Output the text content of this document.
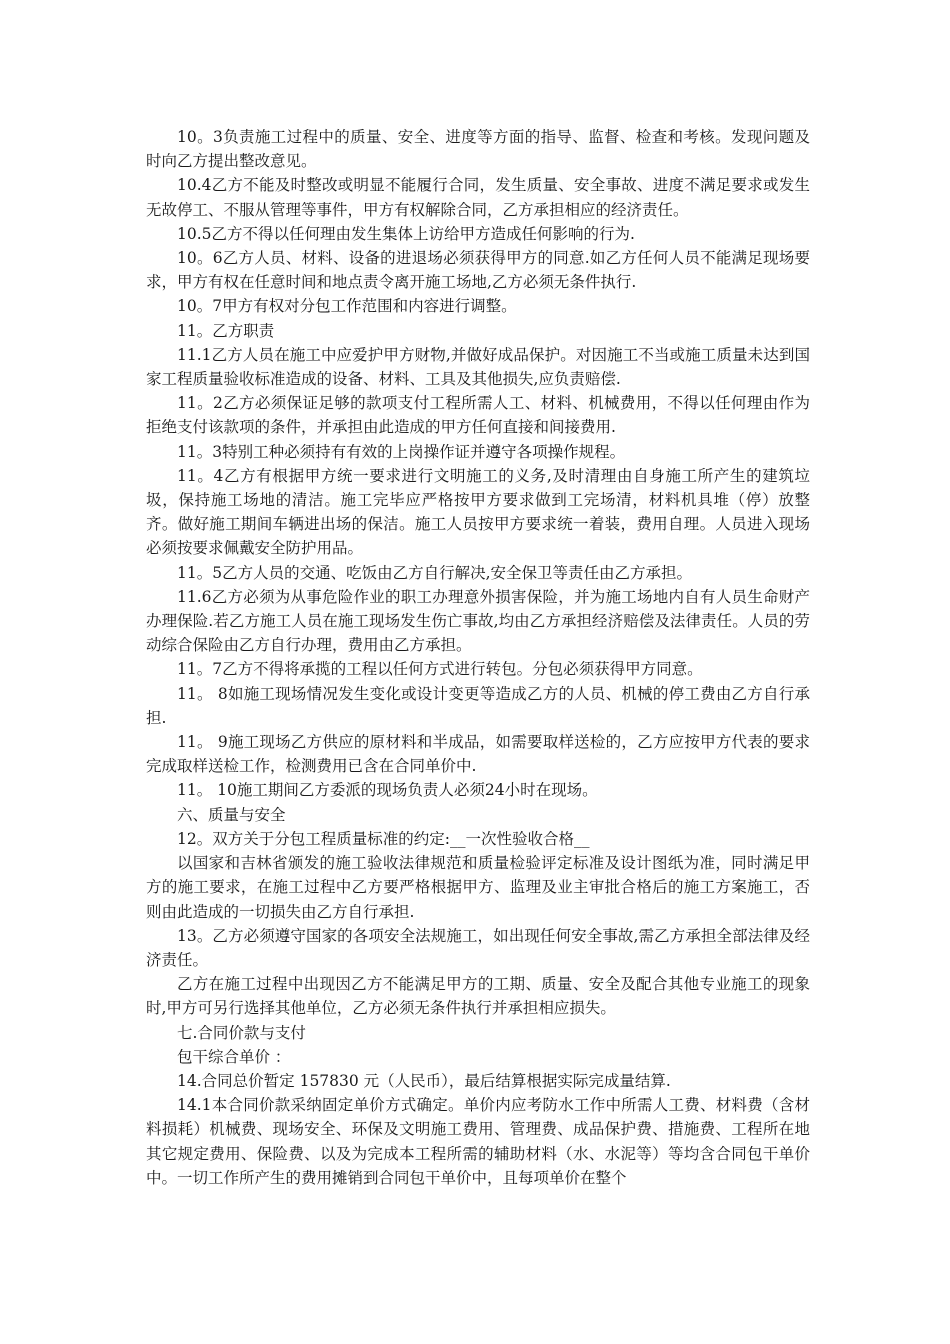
10。3负责施工过程中的质量、安全、进度等方面的指导、监督、检查和考核。发现问题及时向乙方提出整改意见。

10.4乙方不能及时整改或明显不能履行合同，发生质量、安全事故、进度不满足要求或发生无故停工、不服从管理等事件，甲方有权解除合同，乙方承担相应的经济责任。

10.5乙方不得以任何理由发生集体上访给甲方造成任何影响的行为.

10。6乙方人员、材料、设备的进退场必须获得甲方的同意.如乙方任何人员不能满足现场要求，甲方有权在任意时间和地点责令离开施工场地,乙方必须无条件执行.

10。7甲方有权对分包工作范围和内容进行调整。

11。乙方职责

11.1乙方人员在施工中应爱护甲方财物,并做好成品保护。对因施工不当或施工质量未达到国家工程质量验收标准造成的设备、材料、工具及其他损失,应负责赔偿.

11。2乙方必须保证足够的款项支付工程所需人工、材料、机械费用，不得以任何理由作为拒绝支付该款项的条件，并承担由此造成的甲方任何直接和间接费用.

11。3特别工种必须持有有效的上岗操作证并遵守各项操作规程。

11。4乙方有根据甲方统一要求进行文明施工的义务,及时清理由自身施工所产生的建筑垃圾，保持施工场地的清洁。施工完毕应严格按甲方要求做到工完场清，材料机具堆（停）放整齐。做好施工期间车辆进出场的保洁。施工人员按甲方要求统一着装，费用自理。人员进入现场必须按要求佩戴安全防护用品。

11。5乙方人员的交通、吃饭由乙方自行解决,安全保卫等责任由乙方承担。

11.6乙方必须为从事危险作业的职工办理意外损害保险，并为施工场地内自有人员生命财产办理保险.若乙方施工人员在施工现场发生伤亡事故,均由乙方承担经济赔偿及法律责任。人员的劳动综合保险由乙方自行办理，费用由乙方承担。

11。7乙方不得将承揽的工程以任何方式进行转包。分包必须获得甲方同意。

11。 8如施工现场情况发生变化或设计变更等造成乙方的人员、机械的停工费由乙方自行承担.

11。 9施工现场乙方供应的原材料和半成品，如需要取样送检的，乙方应按甲方代表的要求完成取样送检工作，检测费用已含在合同单价中.

11。 10施工期间乙方委派的现场负责人必须24小时在现场。

六、质量与安全

12。双方关于分包工程质量标准的约定:__一次性验收合格__

以国家和吉林省颁发的施工验收法律规范和质量检验评定标准及设计图纸为准，同时满足甲方的施工要求，在施工过程中乙方要严格根据甲方、监理及业主审批合格后的施工方案施工，否则由此造成的一切损失由乙方自行承担.

13。乙方必须遵守国家的各项安全法规施工，如出现任何安全事故,需乙方承担全部法律及经济责任。

乙方在施工过程中出现因乙方不能满足甲方的工期、质量、安全及配合其他专业施工的现象时,甲方可另行选择其他单位，乙方必须无条件执行并承担相应损失。

七.合同价款与支付

包干综合单价 ：

14.合同总价暂定 157830 元（人民币），最后结算根据实际完成量结算.

14.1本合同价款采纳固定单价方式确定。单价内应考防水工作中所需人工费、材料费（含材料损耗）机械费、现场安全、环保及文明施工费用、管理费、成品保护费、措施费、工程所在地其它规定费用、保险费、以及为完成本工程所需的辅助材料（水、水泥等）等均含合同包干单价中。一切工作所产生的费用摊销到合同包干单价中，且每项单价在整个
